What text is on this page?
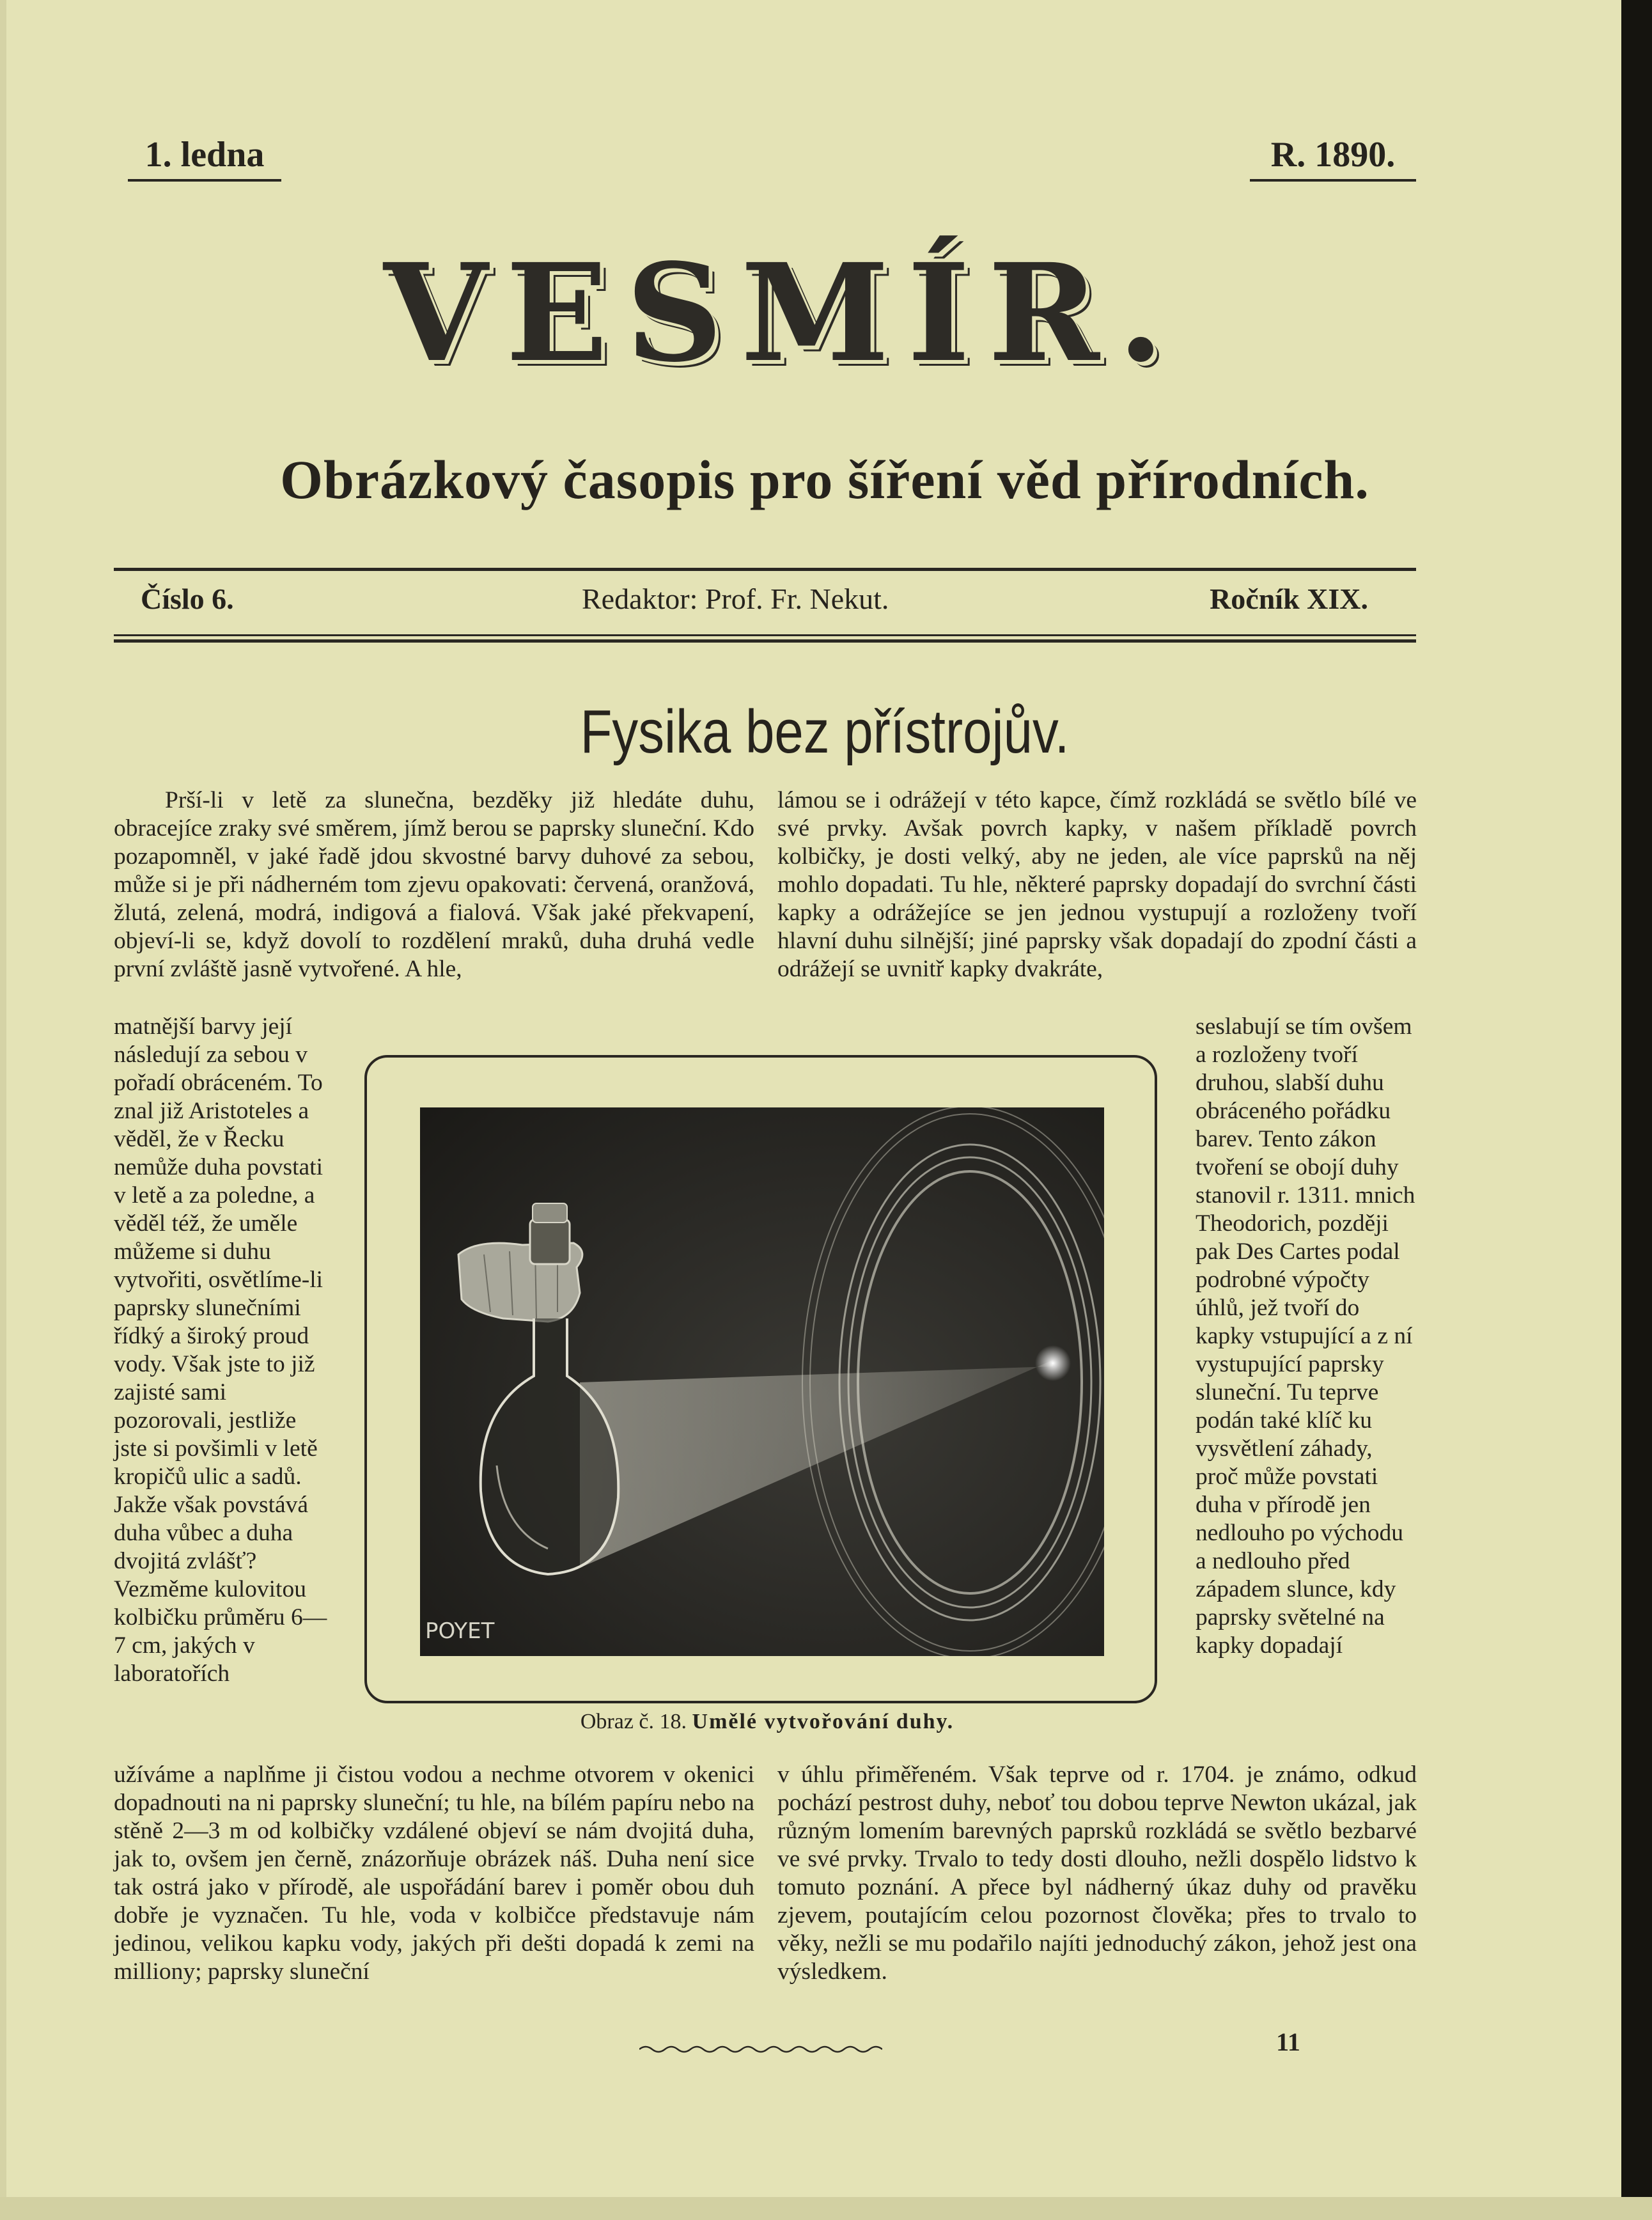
1. ledna	R. 1890.
VESMÍR.
Obrázkový časopis pro šíření věd přírodních.
Číslo 6.	Redaktor: Prof. Fr. Nekut.	Ročník XIX.
Fysika bez přístrojův.
Prší-li v letě za slunečna, bezděky již hledáte duhu, obracejíce zraky své směrem, jímž berou se paprsky sluneční. Kdo pozapomněl, v jaké řadě jdou skvostné barvy duhové za sebou, může si je při nádherném tom zjevu opakovati: červená, oranžová, žlutá, zelená, modrá, indigová a fialová. Však jaké překvapení, objeví-li se, když dovolí to rozdělení mraků, duha druhá vedle první zvláště jasně vytvořené. A hle,
lámou se i odrážejí v této kapce, čímž rozkládá se světlo bílé ve své prvky. Avšak povrch kapky, v našem příkladě povrch kolbičky, je dosti velký, aby ne jeden, ale více paprsků na něj mohlo dopadati. Tu hle, některé paprsky dopadají do svrchní části kapky a odrážejíce se jen jednou vystupují a rozloženy tvoří hlavní duhu silnější; jiné paprsky však dopadají do zpodní části a odrážejí se uvnitř kapky dvakráte,
matnější barvy její následují za sebou v pořadí obráceném. To znal již Aristoteles a věděl, že v Řecku nemůže duha povstati v letě a za poledne, a věděl též, že uměle můžeme si duhu vytvořiti, osvětlíme-li paprsky slunečními řídký a široký proud vody. Však jste to již zajisté sami pozorovali, jestliže jste si povšimli v letě kropičů ulic a sadů. Jakže však povstává duha vůbec a duha dvojitá zvlášť? Vezměme kulovitou kolbičku průměru 6—7 cm, jakých v laboratořích
seslabují se tím ovšem a rozloženy tvoří druhou, slabší duhu obráceného pořádku barev. Tento zákon tvoření se obojí duhy stanovil r. 1311. mnich Theodorich, později pak Des Cartes podal podrobné výpočty úhlů, jež tvoří do kapky vstupující a z ní vystupující paprsky sluneční. Tu teprve podán také klíč ku vysvětlení záhady, proč může povstati duha v přírodě jen nedlouho po východu a nedlouho před západem slunce, kdy paprsky světelné na kapky dopadají
POYET
Obraz č. 18. Umělé vytvořování duhy.
užíváme a naplňme ji čistou vodou a nechme otvorem v okenici dopadnouti na ni paprsky sluneční; tu hle, na bílém papíru nebo na stěně 2—3 m od kolbičky vzdálené objeví se nám dvojitá duha, jak to, ovšem jen černě, znázorňuje obrázek náš. Duha není sice tak ostrá jako v přírodě, ale uspořádání barev i poměr obou duh dobře je vyznačen. Tu hle, voda v kolbičce představuje nám jedinou, velikou kapku vody, jakých při dešti dopadá k zemi na milliony; paprsky sluneční
v úhlu přiměřeném. Však teprve od r. 1704. je známo, odkud pochází pestrost duhy, neboť tou dobou teprve Newton ukázal, jak různým lomením barevných paprsků rozkládá se světlo bezbarvé ve své prvky. Trvalo to tedy dosti dlouho, nežli dospělo lidstvo k tomuto poznání. A přece byl nádherný úkaz duhy od pravěku zjevem, poutajícím celou pozornost člověka; přes to trvalo to věky, nežli se mu podařilo najíti jednoduchý zákon, jehož jest ona výsledkem.
11
